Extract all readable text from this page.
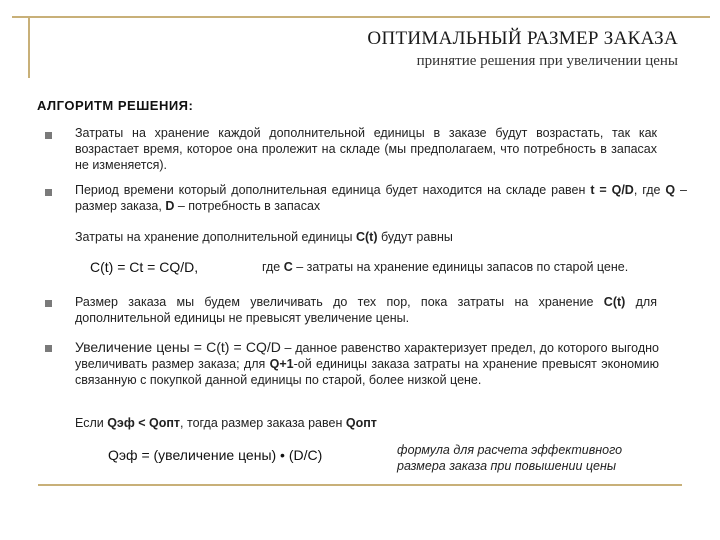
ОПТИМАЛЬНЫЙ РАЗМЕР ЗАКАЗА
принятие решения при увеличении цены
АЛГОРИТМ РЕШЕНИЯ:
Затраты на хранение каждой дополнительной единицы в заказе будут возрастать, так как возрастает время, которое она пролежит на складе (мы предполагаем, что потребность в запасах не изменяется).
Период времени который дополнительная единица будет находится на складе равен t = Q/D, где Q – размер заказа, D – потребность в запасах
Затраты на хранение дополнительной единицы C(t) будут равны
C(t) = Ct = CQ/D,	где C – затраты на хранение единицы запасов по старой цене.
Размер заказа мы будем увеличивать до тех пор, пока затраты на хранение C(t) для дополнительной единицы не превысят увеличение цены.
Увеличение цены = C(t) = CQ/D – данное равенство характеризует предел, до которого выгодно увеличивать размер заказа; для Q+1-ой единицы заказа затраты на хранение превысят экономию связанную с покупкой данной единицы по старой, более низкой цене.
Если Qэф < Qопт, тогда размер заказа равен Qопт
Qэф = (увеличение цены) • (D/C)	формула для расчета эффективного размера заказа при повышении цены
